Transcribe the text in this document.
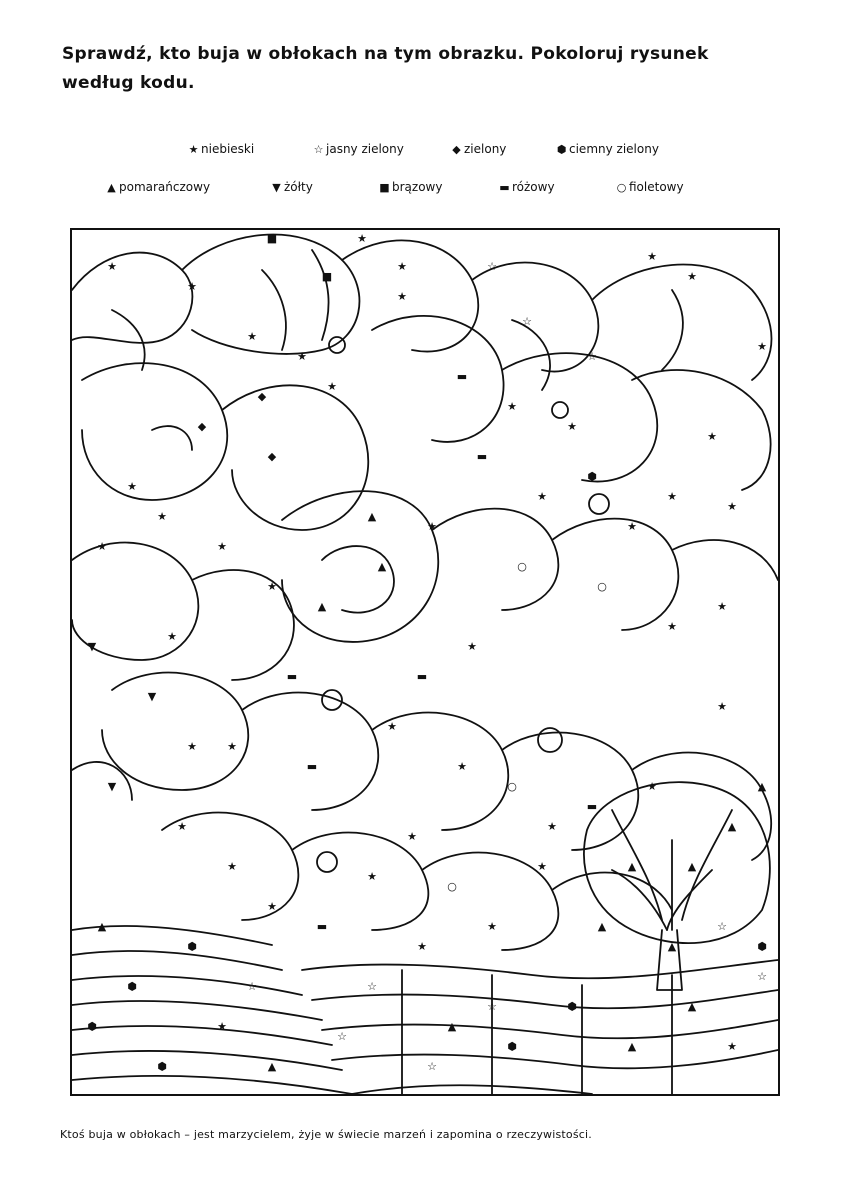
Sprawdź, kto buja w obłokach na tym obrazku. Pokoloruj rysunek według kodu.
★ niebieski	☆ jasny zielony	◆ zielony	⬢ ciemny zielony
▲ pomarańczowy	▼ żółty	■ brązowy	▬ różowy	○ fioletowy
★
■
■
★
★
★
★
★
★
☆
☆
☆
★
★
★
★
★
★
★
★
▬
▬
⬢
★
★
▲
▲
▲
★
★
★
★
▼
▼
★
▼
★
★
★
▬
★
★
○
○
○
★
★
▲
▲
▲
▲
▲
▲
☆
☆
⬢
☆
☆
☆
☆
⬢
⬢
⬢
★
▬
★
★
○
★
★
▬
▬
★
★
★
◆
◆
◆
★
★
▬
★
★
★
☆
⬢
▲
▲
★
⬢
▲
▲
⬢
▲
★
★
Ktoś buja w obłokach – jest marzycielem, żyje w świecie marzeń i zapomina o rzeczywistości.
